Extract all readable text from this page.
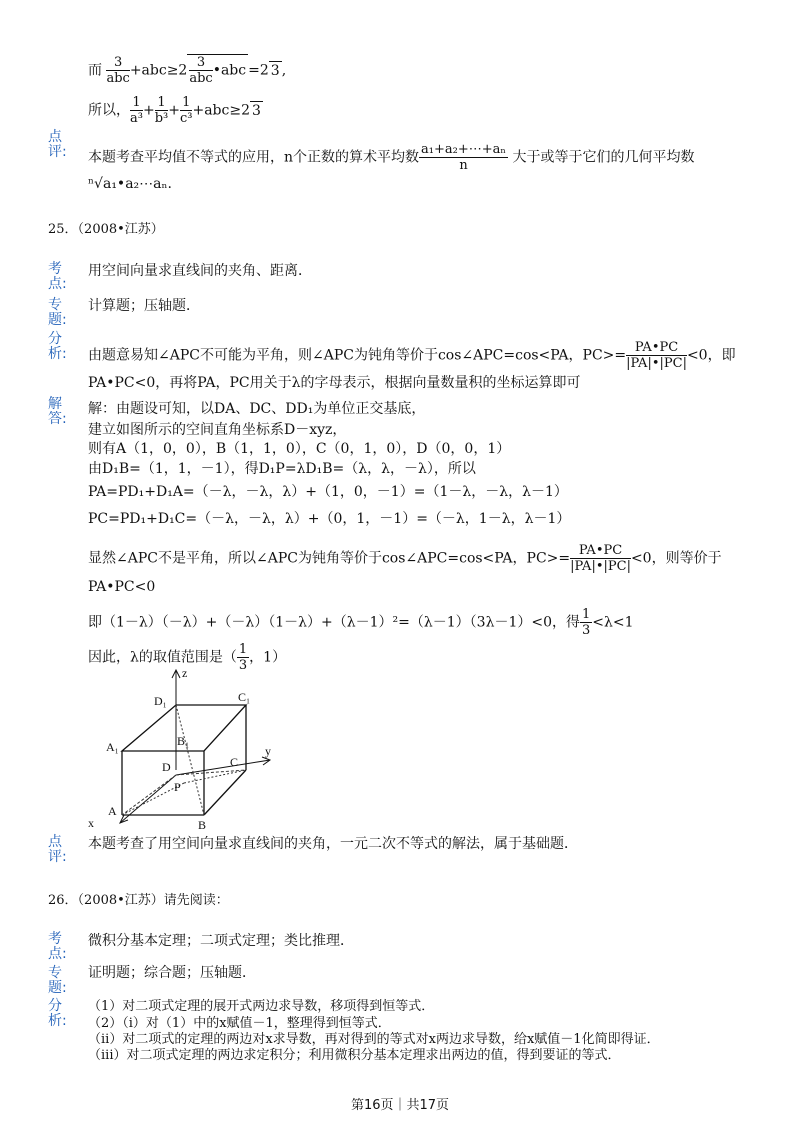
而 $\frac{3}{\text{abc}} +abc\ge 2 \frac{3}{\text{abc}}$ •abc =2 3 ,
所以， $\frac{1}{\text{a³}} + \frac{1}{\text{b³}} + \frac{1}{\text{c³}} +abc\ge 2$ 3
点评: 本题考查平均值不等式的应用，n个正数的算术平均数 $\frac{\text{a₁+a₂+⋯+aₙ}}{n}$ 大于或等于它们的几何平均数
ⁿ√a₁•a₂⋯aₙ.
25．（2008•江苏）
考点:
用空间向量求直线间的夹角、距离．
专题:
计算题；压轴题．
分析: 由题意易知∠APC不可能为平角，则∠APC为钝角等价于cos∠APC=cos<PA，$PC>= \frac{PA•PC}{|PA|•|PC|} <0$，即
PA•PC<0，再将PA，PC用关于λ的字母表示，根据向量数量积的坐标运算即可
解答:
解：由题设可知，以DA、DC、DD₁为单位正交基底，
建立如图所示的空间直角坐标系D－xyz，
则有A（1，0，0），B（1，1，0），C（0，1，0），D（0，0，1）
由D₁B=（1，1，－1），得D₁P=λD₁B=（λ，λ，－λ），所以
PA=PD₁+D₁A=（－λ，－λ，λ）+（1，0，－1）=（1－λ，－λ，λ－1）
PC=PD₁+D₁C=（－λ，－λ，λ）+（0，1，－1）=（－λ，1－λ，λ－1）
显然∠APC不是平角，所以∠APC为钝角等价于cos∠APC=cos<PA，$PC>= \frac{PA•PC}{|PA|•|PC|} <0$，则等价于
PA•PC<0
即（1－λ）（－λ）+（－λ）（1－λ）+（λ－1）²=（λ－1）（3λ－1）<0，得 $\frac{1}{3} <\lambda<1$
因此，λ的取值范围是（ $\frac{1}{3}$ ，1）
z
y
x
D₁	C₁
A₁	B₁
D	C
P
A
B
点评:
本题考查了用空间向量求直线间的夹角，一元二次不等式的解法，属于基础题．
26．（2008•江苏）请先阅读：
考点:
微积分基本定理；二项式定理；类比推理．
专题:
证明题；综合题；压轴题．
分析:
（1）对二项式定理的展开式两边求导数，移项得到恒等式．
（2）（i）对（1）中的x赋值－1，整理得到恒等式．
（ii）对二项式的定理的两边对x求导数，再对得到的等式对x两边求导数，给x赋值－1化简即得证．
（iii）对二项式定理的两边求定积分；利用微积分基本定理求出两边的值，得到要证的等式．
第16页｜共17页
